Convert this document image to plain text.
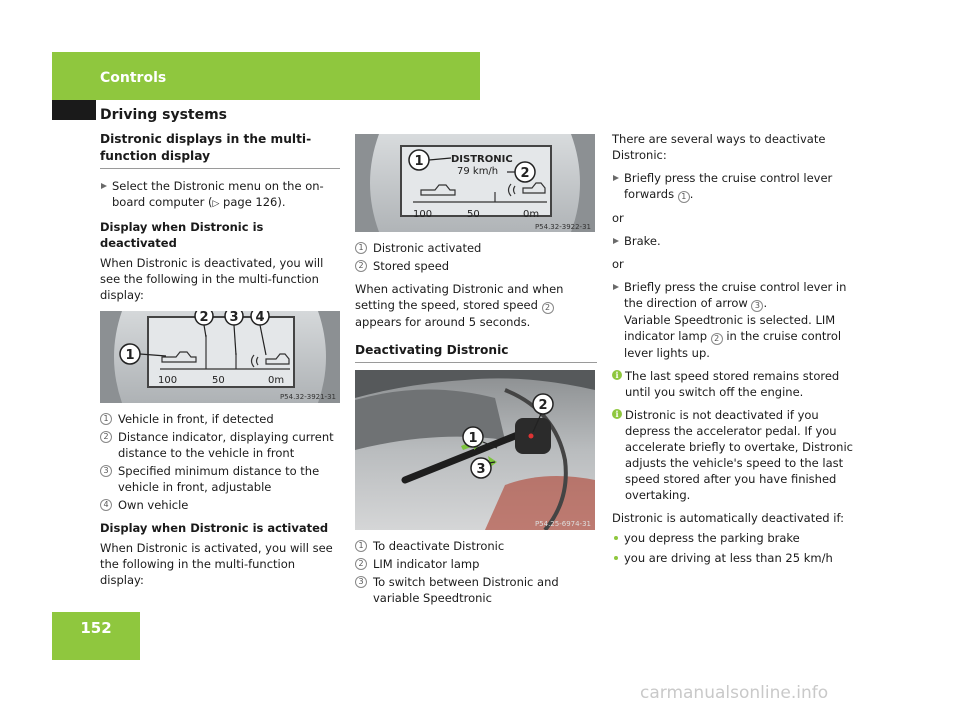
Controls
Driving systems
Distronic displays in the multi-function display
Select the Distronic menu on the on-board computer (▷ page 126).
Display when Distronic is deactivated
When Distronic is deactivated, you will see the following in the multi-function display:
100	50	0m
1
2 3 4
P54.32-3921-31
1 Vehicle in front, if detected
2 Distance indicator, displaying current distance to the vehicle in front
3 Specified minimum distance to the vehicle in front, adjustable
4 Own vehicle
Display when Distronic is activated
When Distronic is activated, you will see the following in the multi-function display:
DISTRONIC
79 km/h
100	50	0m
1
2
P54.32-3922-31
1 Distronic activated
2 Stored speed
When activating Distronic and when setting the speed, stored speed 2 appears for around 5 seconds.
Deactivating Distronic
1
2
3
P54.25-6974-31
1 To deactivate Distronic
2 LIM indicator lamp
3 To switch between Distronic and variable Speedtronic
There are several ways to deactivate Distronic:
Briefly press the cruise control lever forwards 1 .
or
Brake.
or
Briefly press the cruise control lever in the direction of arrow 3 .
Variable Speedtronic is selected. LIM indicator lamp 2 in the cruise control lever lights up.
i The last speed stored remains stored until you switch off the engine.
i Distronic is not deactivated if you depress the accelerator pedal. If you accelerate briefly to overtake, Distronic adjusts the vehicle's speed to the last speed stored after you have finished overtaking.
Distronic is automatically deactivated if:
you depress the parking brake
you are driving at less than 25 km/h
152
carmanualsonline.info
